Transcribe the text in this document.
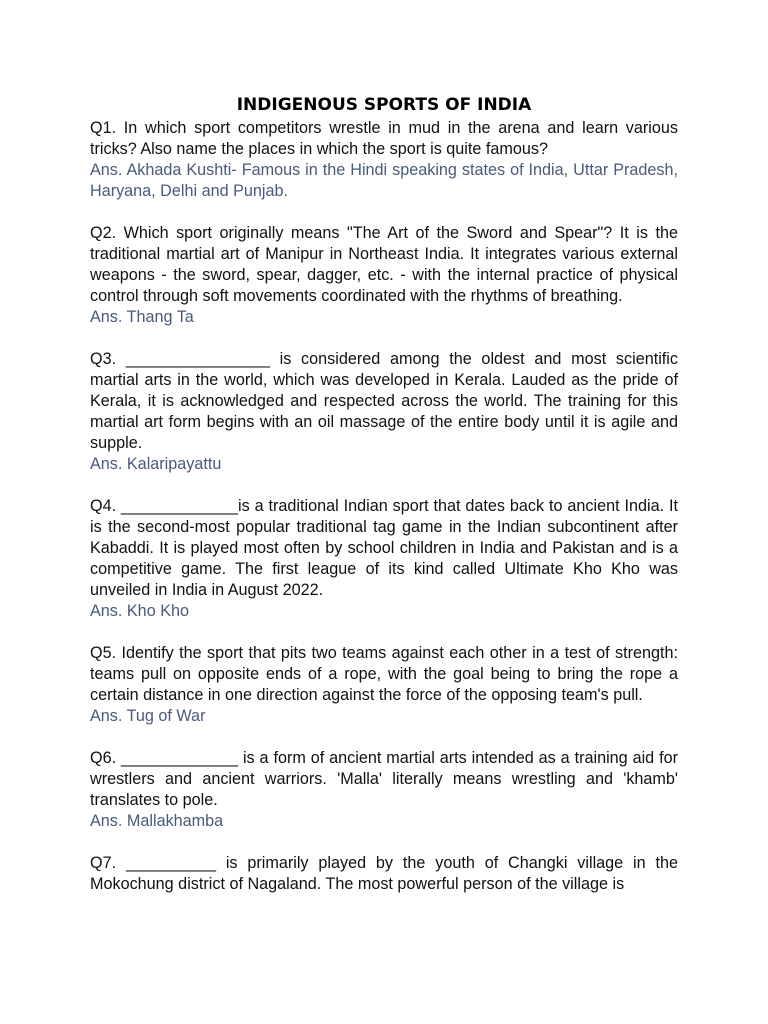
INDIGENOUS SPORTS OF INDIA

Q1. In which sport competitors wrestle in mud in the arena and learn various tricks? Also name the places in which the sport is quite famous?

Ans. Akhada Kushti- Famous in the Hindi speaking states of India, Uttar Pradesh, Haryana, Delhi and Punjab.

Q2. Which sport originally means "The Art of the Sword and Spear"? It is the traditional martial art of Manipur in Northeast India. It integrates various external weapons - the sword, spear, dagger, etc. - with the internal practice of physical control through soft movements coordinated with the rhythms of breathing.

Ans. Thang Ta

Q3. ________________ is considered among the oldest and most scientific martial arts in the world, which was developed in Kerala. Lauded as the pride of Kerala, it is acknowledged and respected across the world. The training for this martial art form begins with an oil massage of the entire body until it is agile and supple.

Ans. Kalaripayattu

Q4. _____________is a traditional Indian sport that dates back to ancient India. It is the second-most popular traditional tag game in the Indian subcontinent after Kabaddi. It is played most often by school children in India and Pakistan and is a competitive game. The first league of its kind called Ultimate Kho Kho was unveiled in India in August 2022.

Ans. Kho Kho

Q5. Identify the sport that pits two teams against each other in a test of strength: teams pull on opposite ends of a rope, with the goal being to bring the rope a certain distance in one direction against the force of the opposing team's pull.

Ans. Tug of War

Q6. _____________ is a form of ancient martial arts intended as a training aid for wrestlers and ancient warriors. 'Malla' literally means wrestling and 'khamb' translates to pole.

Ans. Mallakhamba

Q7. __________ is primarily played by the youth of Changki village in the Mokochung district of Nagaland. The most powerful person of the village is
